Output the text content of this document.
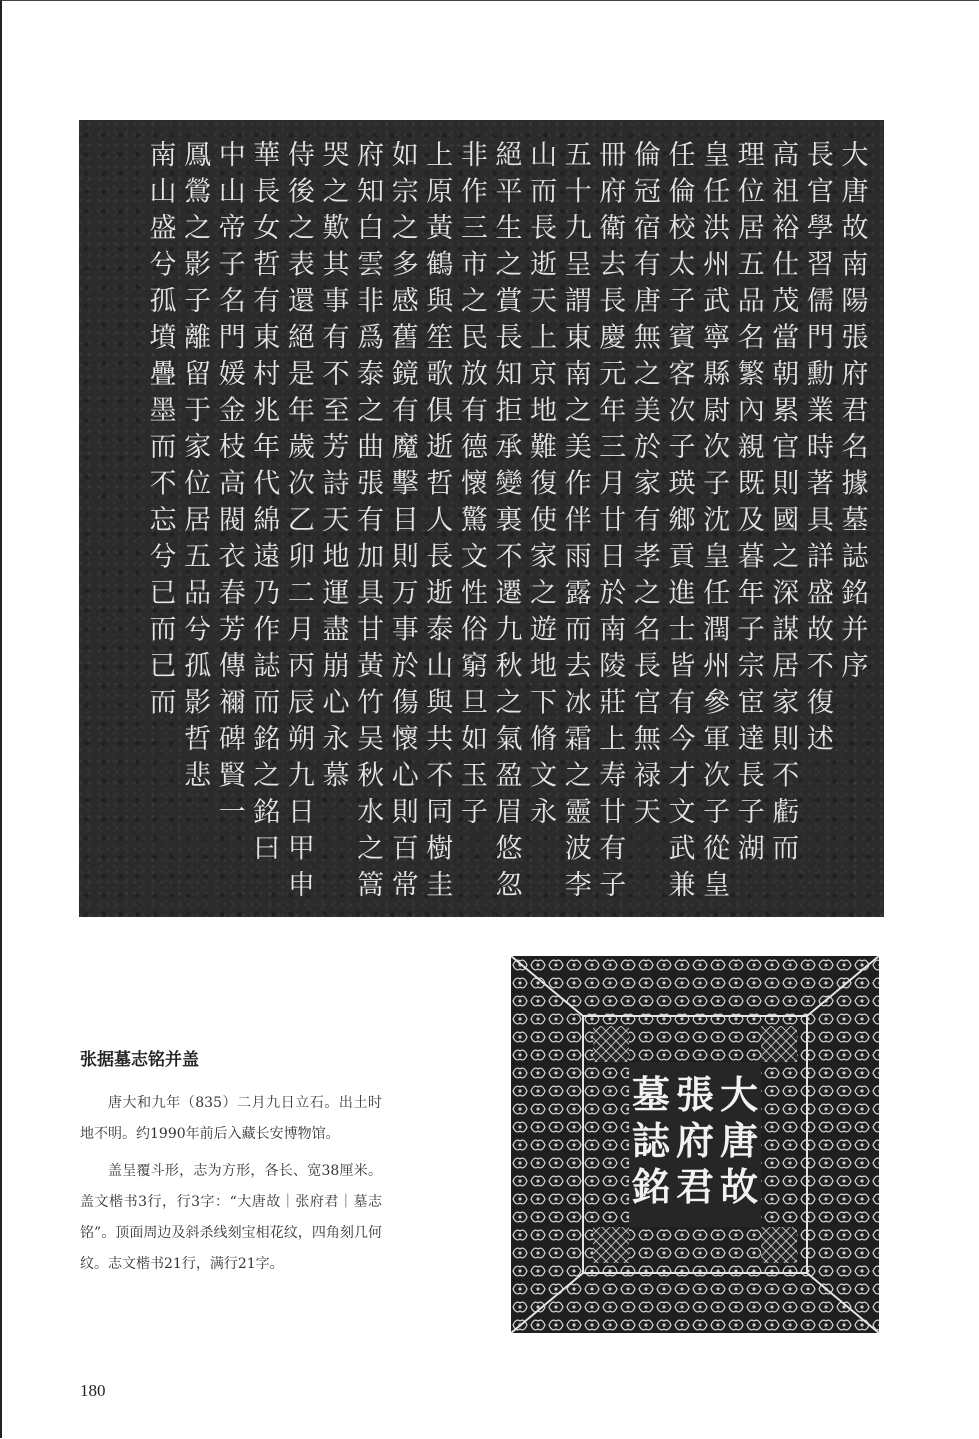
大
唐
故
南
陽
張
府
君
名
據
墓
誌
銘
并
序
長
官
學
習
儒
門
勳
業
時
著
具
詳
盛
故
不
復
述
高
祖
裕
仕
茂
當
朝
累
官
則
國
之
深
謀
居
家
則
不
虧
而
理
位
居
五
品
名
繁
內
親
既
及
暮
年
子
宗
宦
達
長
子
湖
皇
任
洪
州
武
寧
縣
尉
次
子
沈
皇
任
潤
州
參
軍
次
子
從
皇
任
倫
校
太
子
賓
客
次
子
瑛
鄉
貢
進
士
皆
有
今
才
文
武
兼
倫
冠
宿
有
唐
無
之
美
於
家
有
孝
之
名
長
官
無
禄
天
冊
府
衛
去
長
慶
元
年
三
月
廿
日
於
南
陵
莊
上
寿
廿
有
子
五
十
九
呈
謂
東
南
之
美
作
伴
雨
露
而
去
冰
霜
之
靈
波
李
山
而
長
逝
天
上
京
地
難
復
使
家
之
遊
地
下
脩
文
永
絕
平
生
之
賞
長
知
拒
承
變
裏
不
遷
九
秋
之
氣
盈
眉
悠
忽
非
作
三
市
之
民
放
有
德
懷
驚
文
性
俗
窮
旦
如
玉
子
上
原
黃
鶴
與
笙
歌
俱
逝
哲
人
長
逝
泰
山
與
共
不
同
樹
圭
如
宗
之
多
感
舊
鏡
有
魔
擊
目
則
万
事
於
傷
懷
心
則
百
常
府
知
白
雲
非
爲
泰
之
曲
張
有
加
具
甘
黃
竹
吴
秋
水
之
篙
哭
之
歎
其
事
有
不
至
芳
詩
天
地
運
盡
崩
心
永
慕
侍
後
之
表
還
絕
是
年
歲
次
乙
卯
二
月
丙
辰
朔
九
日
甲
申
華
長
女
哲
有
東
村
兆
年
代
綿
遠
乃
作
誌
而
銘
之
銘
曰
中
山
帝
子
名
門
媛
金
枝
高
閥
衣
春
芳
傳
禰
碑
賢
一
鳳
鶯
之
影
子
離
留
于
家
位
居
五
品
兮
孤
影
哲
悲
南
山
盛
兮
孤
墳
疊
墨
而
不
忘
兮
已
而
已
而
大
唐
故
張
府
君
墓
誌
銘
张据墓志铭并盖

唐大和九年（835）二月九日立石。出土时地不明。约1990年前后入藏长安博物馆。

盖呈覆斗形，志为方形，各长、宽38厘米。盖文楷书3行，行3字：“大唐故｜张府君｜墓志铭”。顶面周边及斜杀线刻宝相花纹，四角刻几何纹。志文楷书21行，满行21字。

180
